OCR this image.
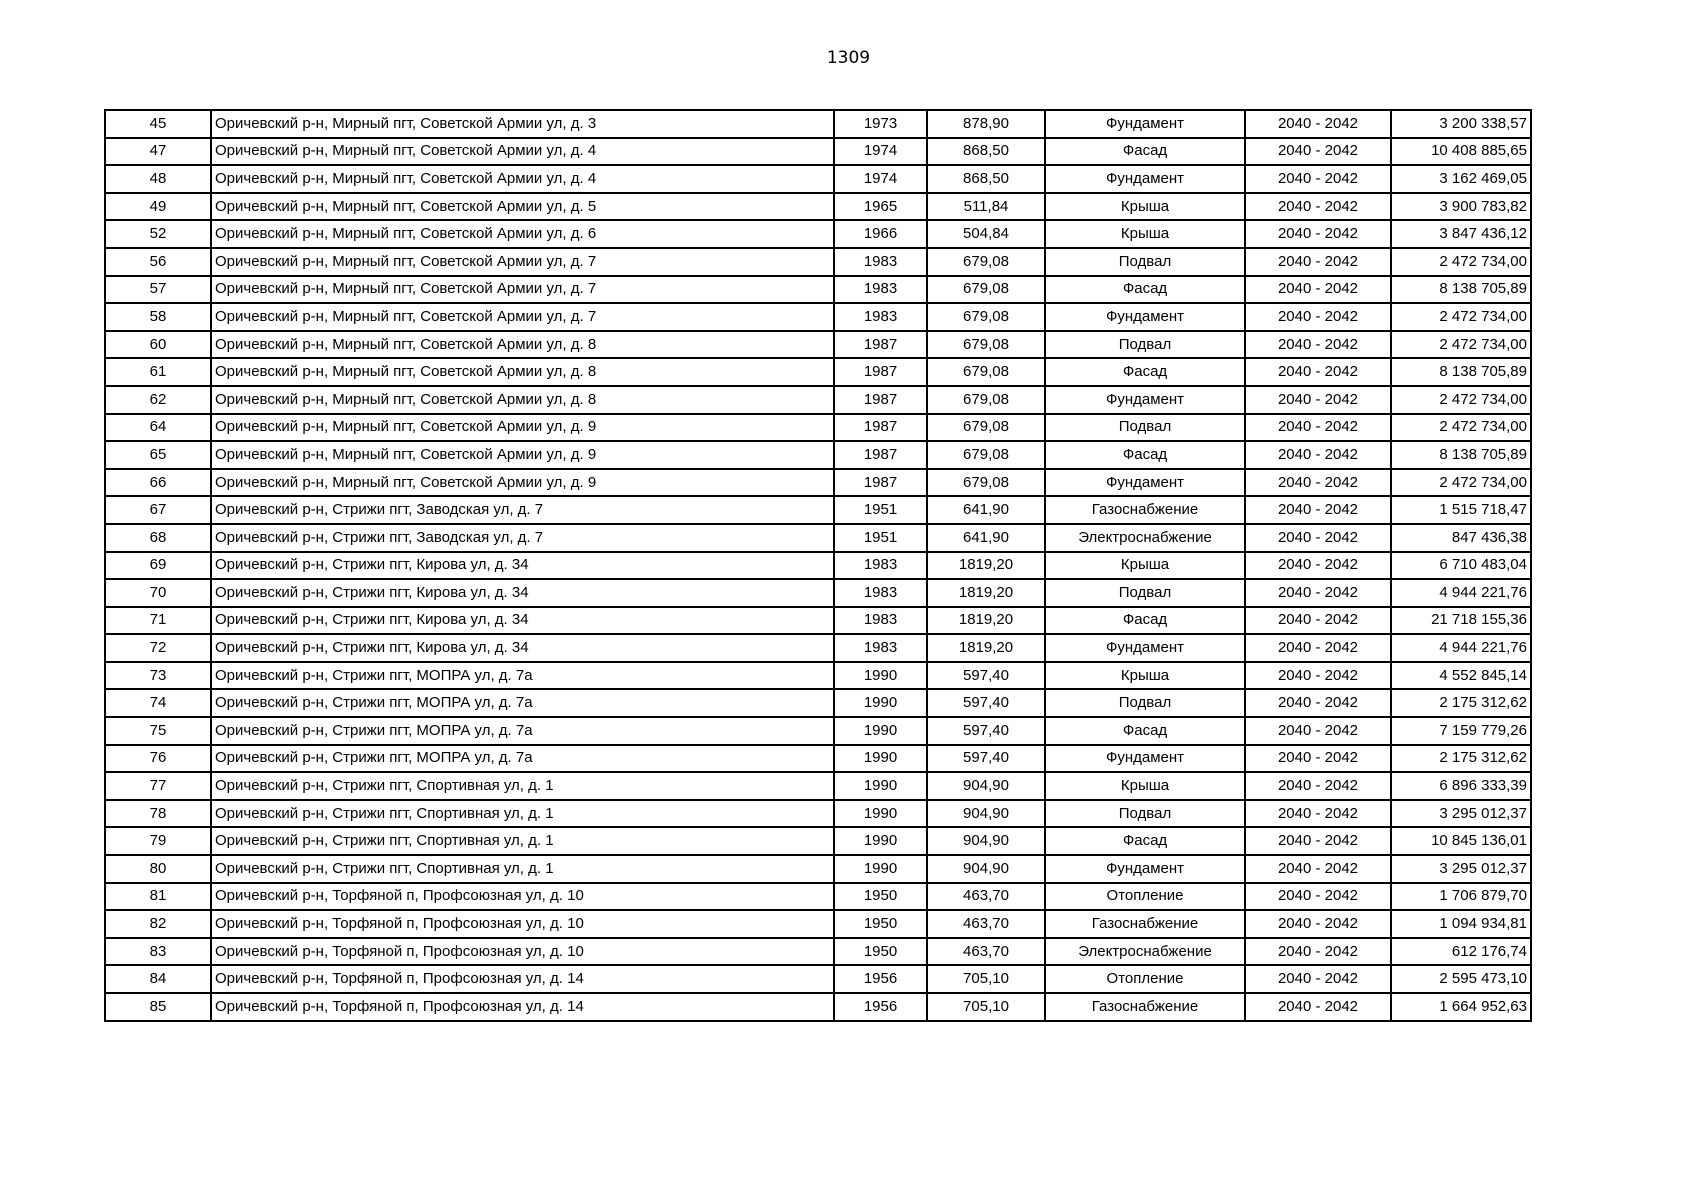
1309
45	Оричевский р-н, Мирный пгт, Советской Армии ул, д. 3	1973	878,90	Фундамент	2040 - 2042	3 200 338,57
47	Оричевский р-н, Мирный пгт, Советской Армии ул, д. 4	1974	868,50	Фасад	2040 - 2042	10 408 885,65
48	Оричевский р-н, Мирный пгт, Советской Армии ул, д. 4	1974	868,50	Фундамент	2040 - 2042	3 162 469,05
49	Оричевский р-н, Мирный пгт, Советской Армии ул, д. 5	1965	511,84	Крыша	2040 - 2042	3 900 783,82
52	Оричевский р-н, Мирный пгт, Советской Армии ул, д. 6	1966	504,84	Крыша	2040 - 2042	3 847 436,12
56	Оричевский р-н, Мирный пгт, Советской Армии ул, д. 7	1983	679,08	Подвал	2040 - 2042	2 472 734,00
57	Оричевский р-н, Мирный пгт, Советской Армии ул, д. 7	1983	679,08	Фасад	2040 - 2042	8 138 705,89
58	Оричевский р-н, Мирный пгт, Советской Армии ул, д. 7	1983	679,08	Фундамент	2040 - 2042	2 472 734,00
60	Оричевский р-н, Мирный пгт, Советской Армии ул, д. 8	1987	679,08	Подвал	2040 - 2042	2 472 734,00
61	Оричевский р-н, Мирный пгт, Советской Армии ул, д. 8	1987	679,08	Фасад	2040 - 2042	8 138 705,89
62	Оричевский р-н, Мирный пгт, Советской Армии ул, д. 8	1987	679,08	Фундамент	2040 - 2042	2 472 734,00
64	Оричевский р-н, Мирный пгт, Советской Армии ул, д. 9	1987	679,08	Подвал	2040 - 2042	2 472 734,00
65	Оричевский р-н, Мирный пгт, Советской Армии ул, д. 9	1987	679,08	Фасад	2040 - 2042	8 138 705,89
66	Оричевский р-н, Мирный пгт, Советской Армии ул, д. 9	1987	679,08	Фундамент	2040 - 2042	2 472 734,00
67	Оричевский р-н, Стрижи пгт, Заводская ул, д. 7	1951	641,90	Газоснабжение	2040 - 2042	1 515 718,47
68	Оричевский р-н, Стрижи пгт, Заводская ул, д. 7	1951	641,90	Электроснабжение	2040 - 2042	847 436,38
69	Оричевский р-н, Стрижи пгт, Кирова ул, д. 34	1983	1819,20	Крыша	2040 - 2042	6 710 483,04
70	Оричевский р-н, Стрижи пгт, Кирова ул, д. 34	1983	1819,20	Подвал	2040 - 2042	4 944 221,76
71	Оричевский р-н, Стрижи пгт, Кирова ул, д. 34	1983	1819,20	Фасад	2040 - 2042	21 718 155,36
72	Оричевский р-н, Стрижи пгт, Кирова ул, д. 34	1983	1819,20	Фундамент	2040 - 2042	4 944 221,76
73	Оричевский р-н, Стрижи пгт, МОПРА ул, д. 7а	1990	597,40	Крыша	2040 - 2042	4 552 845,14
74	Оричевский р-н, Стрижи пгт, МОПРА ул, д. 7а	1990	597,40	Подвал	2040 - 2042	2 175 312,62
75	Оричевский р-н, Стрижи пгт, МОПРА ул, д. 7а	1990	597,40	Фасад	2040 - 2042	7 159 779,26
76	Оричевский р-н, Стрижи пгт, МОПРА ул, д. 7а	1990	597,40	Фундамент	2040 - 2042	2 175 312,62
77	Оричевский р-н, Стрижи пгт, Спортивная ул, д. 1	1990	904,90	Крыша	2040 - 2042	6 896 333,39
78	Оричевский р-н, Стрижи пгт, Спортивная ул, д. 1	1990	904,90	Подвал	2040 - 2042	3 295 012,37
79	Оричевский р-н, Стрижи пгт, Спортивная ул, д. 1	1990	904,90	Фасад	2040 - 2042	10 845 136,01
80	Оричевский р-н, Стрижи пгт, Спортивная ул, д. 1	1990	904,90	Фундамент	2040 - 2042	3 295 012,37
81	Оричевский р-н, Торфяной п, Профсоюзная ул, д. 10	1950	463,70	Отопление	2040 - 2042	1 706 879,70
82	Оричевский р-н, Торфяной п, Профсоюзная ул, д. 10	1950	463,70	Газоснабжение	2040 - 2042	1 094 934,81
83	Оричевский р-н, Торфяной п, Профсоюзная ул, д. 10	1950	463,70	Электроснабжение	2040 - 2042	612 176,74
84	Оричевский р-н, Торфяной п, Профсоюзная ул, д. 14	1956	705,10	Отопление	2040 - 2042	2 595 473,10
85	Оричевский р-н, Торфяной п, Профсоюзная ул, д. 14	1956	705,10	Газоснабжение	2040 - 2042	1 664 952,63
